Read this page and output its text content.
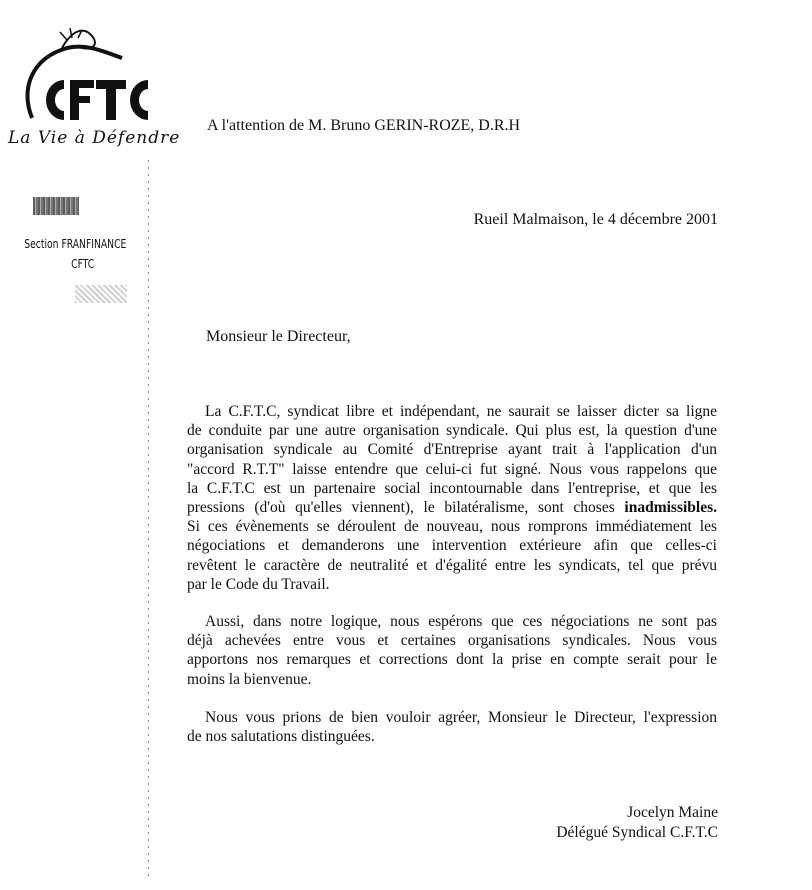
La Vie à Défendre
Section FRANFINANCE
CFTC
A l'attention de M. Bruno GERIN-ROZE, D.R.H
Rueil Malmaison, le 4 décembre 2001
Monsieur le Directeur,
La C.F.T.C, syndicat libre et indépendant, ne saurait se laisser dicter sa ligne
de conduite par une autre organisation syndicale. Qui plus est, la question d'une
organisation syndicale au Comité d'Entreprise ayant trait à l'application d'un
"accord R.T.T" laisse entendre que celui-ci fut signé. Nous vous rappelons que
la C.F.T.C est un partenaire social incontournable dans l'entreprise, et que les
pressions (d'où qu'elles viennent), le bilatéralisme, sont choses inadmissibles.
Si ces évènements se déroulent de nouveau, nous romprons immédiatement les
négociations et demanderons une intervention extérieure afin que celles-ci
revêtent le caractère de neutralité et d'égalité entre les syndicats, tel que prévu
par le Code du Travail.
Aussi, dans notre logique, nous espérons que ces négociations ne sont pas
déjà achevées entre vous et certaines organisations syndicales. Nous vous
apportons nos remarques et corrections dont la prise en compte serait pour le
moins la bienvenue.
Nous vous prions de bien vouloir agréer, Monsieur le Directeur, l'expression
de nos salutations distinguées.
Jocelyn Maine
Délégué Syndical C.F.T.C
